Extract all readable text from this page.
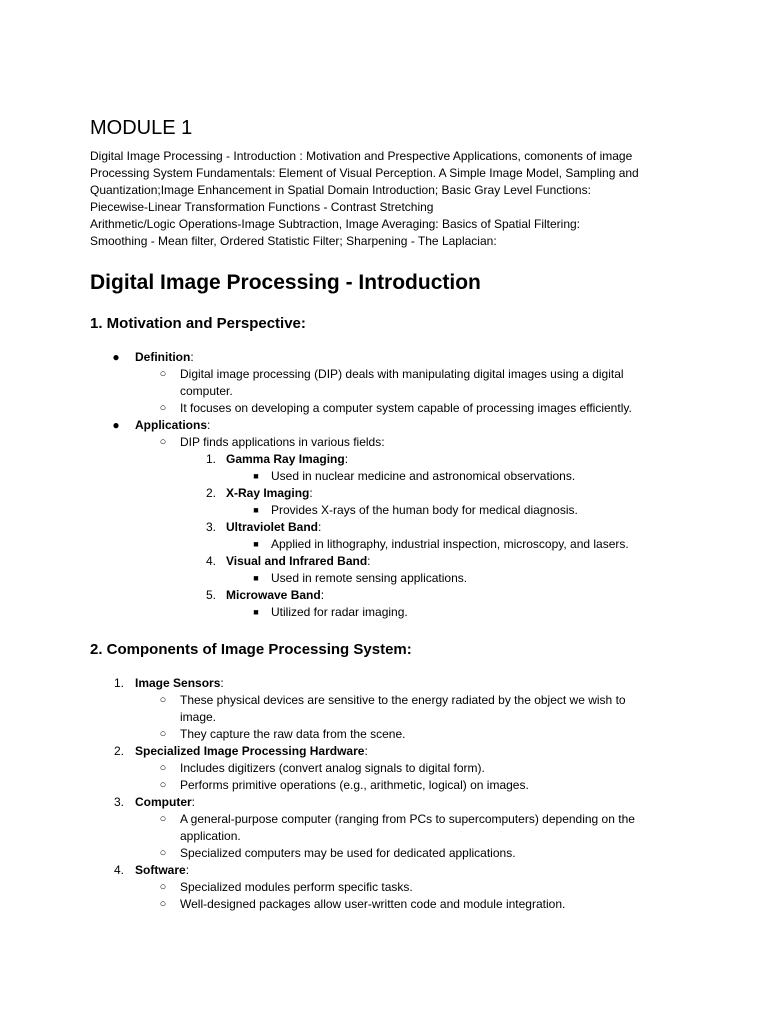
MODULE 1
Digital Image Processing - Introduction : Motivation and Prespective Applications, comonents of image
Processing System Fundamentals: Element of Visual Perception. A Simple Image Model, Sampling and
Quantization;Image Enhancement in Spatial Domain Introduction; Basic Gray Level Functions:
Piecewise-Linear Transformation Functions - Contrast Stretching
Arithmetic/Logic Operations-Image Subtraction, Image Averaging: Basics of Spatial Filtering:
Smoothing - Mean filter, Ordered Statistic Filter; Sharpening - The Laplacian:
Digital Image Processing - Introduction
1. Motivation and Perspective:
● Definition:
○ Digital image processing (DIP) deals with manipulating digital images using a digital
computer.
○ It focuses on developing a computer system capable of processing images efficiently.
● Applications:
○ DIP finds applications in various fields:
1. Gamma Ray Imaging:
■ Used in nuclear medicine and astronomical observations.
2. X-Ray Imaging:
■ Provides X-rays of the human body for medical diagnosis.
3. Ultraviolet Band:
■ Applied in lithography, industrial inspection, microscopy, and lasers.
4. Visual and Infrared Band:
■ Used in remote sensing applications.
5. Microwave Band:
■ Utilized for radar imaging.
2. Components of Image Processing System:
1. Image Sensors:
○ These physical devices are sensitive to the energy radiated by the object we wish to
image.
○ They capture the raw data from the scene.
2. Specialized Image Processing Hardware:
○ Includes digitizers (convert analog signals to digital form).
○ Performs primitive operations (e.g., arithmetic, logical) on images.
3. Computer:
○ A general-purpose computer (ranging from PCs to supercomputers) depending on the
application.
○ Specialized computers may be used for dedicated applications.
4. Software:
○ Specialized modules perform specific tasks.
○ Well-designed packages allow user-written code and module integration.
